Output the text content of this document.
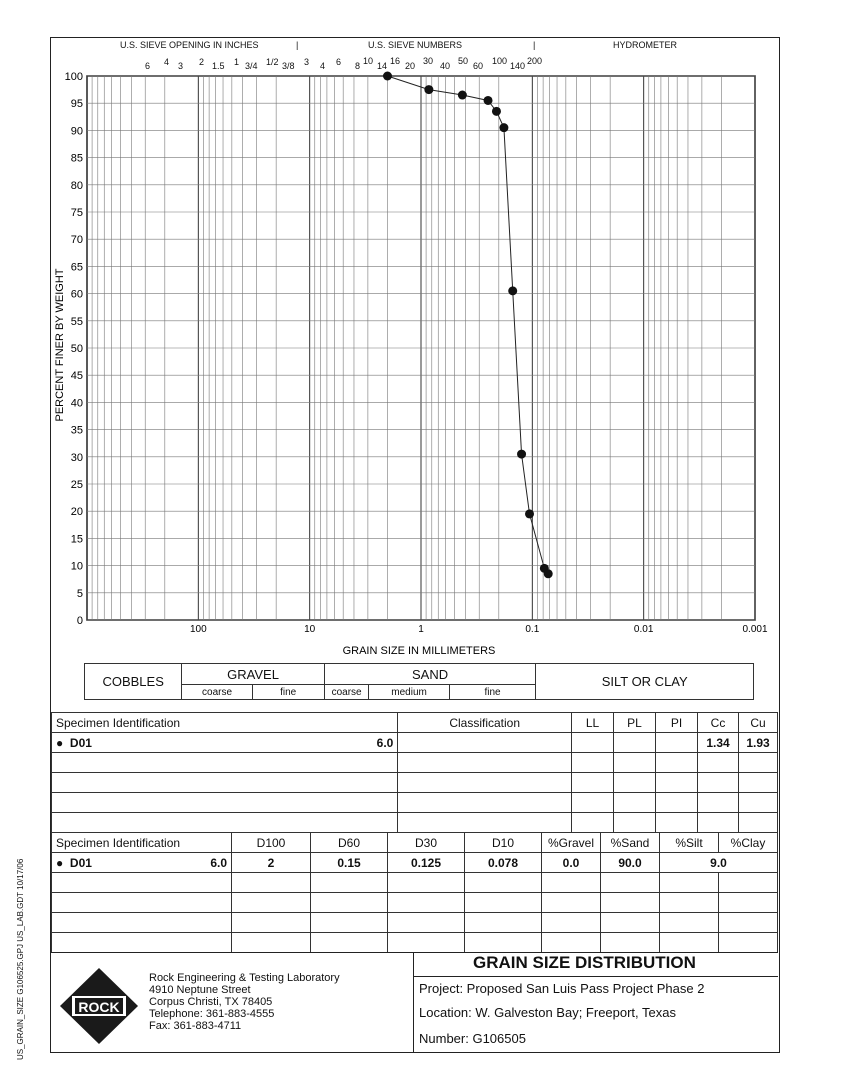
U.S. SIEVE OPENING IN INCHES	|	U.S. SIEVE NUMBERS	|	HYDROMETER
6 4 3 2 1.5 1 3/4 1/2 3/8 3 4 6 8 10 14 16 20 30 40 50 60 100 140 200
0
5
10
15
20
25
30
35
40
45
50
55
60
65
70
75
80
85
90
95
100
100	10	1	0.1	0.01	0.001
GRAIN SIZE IN MILLIMETERS
PERCENT FINER BY WEIGHT
COBBLES	GRAVEL		SAND			SILT OR CLAY
	coarse	fine	coarse	medium	fine	
Specimen Identification		Classification	LL	PL	PI	Cc	Cu
● D01	6.0					1.34	1.93

Specimen Identification		D100	D60	D30	D10	%Gravel	%Sand	%Silt	%Clay
● D01	6.0	2	0.15	0.125	0.078	0.0	90.0	9.0	

ROCK
Rock Engineering & Testing Laboratory
4910 Neptune Street
Corpus Christi, TX 78405
Telephone: 361-883-4555
Fax: 361-883-4711
GRAIN SIZE DISTRIBUTION
Project: Proposed San Luis Pass Project Phase 2
Location: W. Galveston Bay; Freeport, Texas
Number: G106505
US_GRAIN_SIZE G106525.GPJ US_LAB.GDT 10/17/06
